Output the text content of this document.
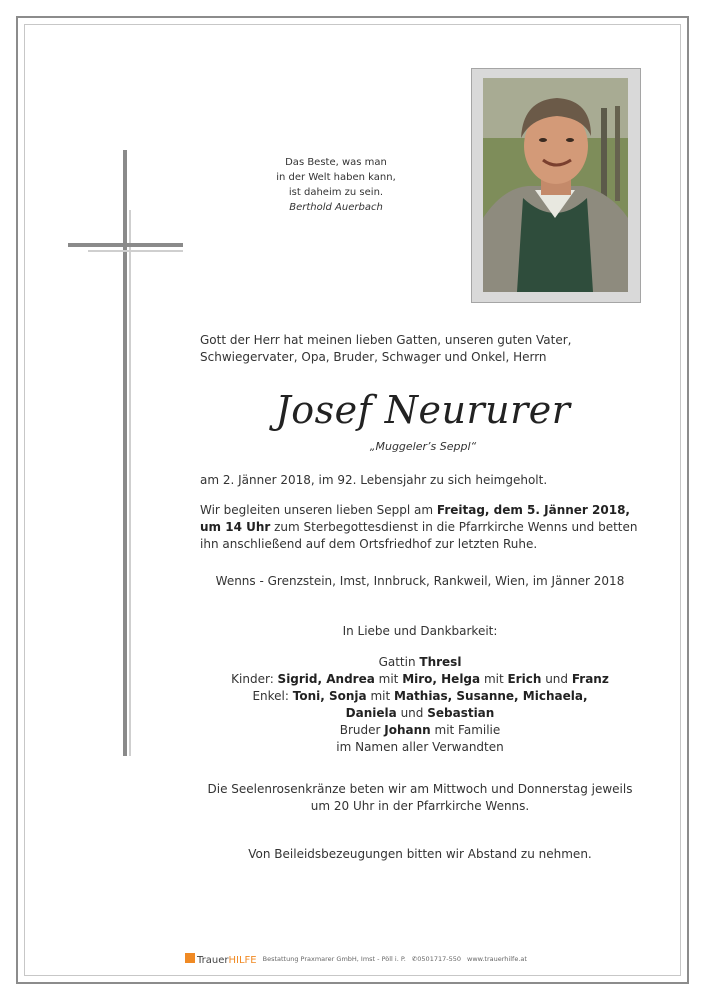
Das Beste, was man
in der Welt haben kann,
ist daheim zu sein.
Berthold Auerbach
Gott der Herr hat meinen lieben Gatten, unseren guten Vater, Schwiegervater, Opa, Bruder, Schwager und Onkel, Herrn
Josef Neururer
„Muggeler’s Seppl“
am 2. Jänner 2018, im 92. Lebensjahr zu sich heimgeholt.
Wir begleiten unseren lieben Seppl am Freitag, dem 5. Jänner 2018, um 14 Uhr zum Sterbegottesdienst in die Pfarrkirche Wenns und betten ihn anschließend auf dem Ortsfriedhof zur letzten Ruhe.
Wenns - Grenzstein, Imst, Innbruck, Rankweil, Wien, im Jänner 2018
In Liebe und Dankbarkeit:
Gattin Thresl
Kinder: Sigrid, Andrea mit Miro, Helga mit Erich und Franz
Enkel: Toni, Sonja mit Mathias, Susanne, Michaela,
Daniela und Sebastian
Bruder Johann mit Familie
im Namen aller Verwandten
Die Seelenrosenkränze beten wir am Mittwoch und Donnerstag jeweils um 20 Uhr in der Pfarrkirche Wenns.
Von Beileidsbezeugungen bitten wir Abstand zu nehmen.
TrauerHILFE Bestattung Praxmarer GmbH, Imst - Pöll i. P. ✆0501717-550 www.trauerhilfe.at
